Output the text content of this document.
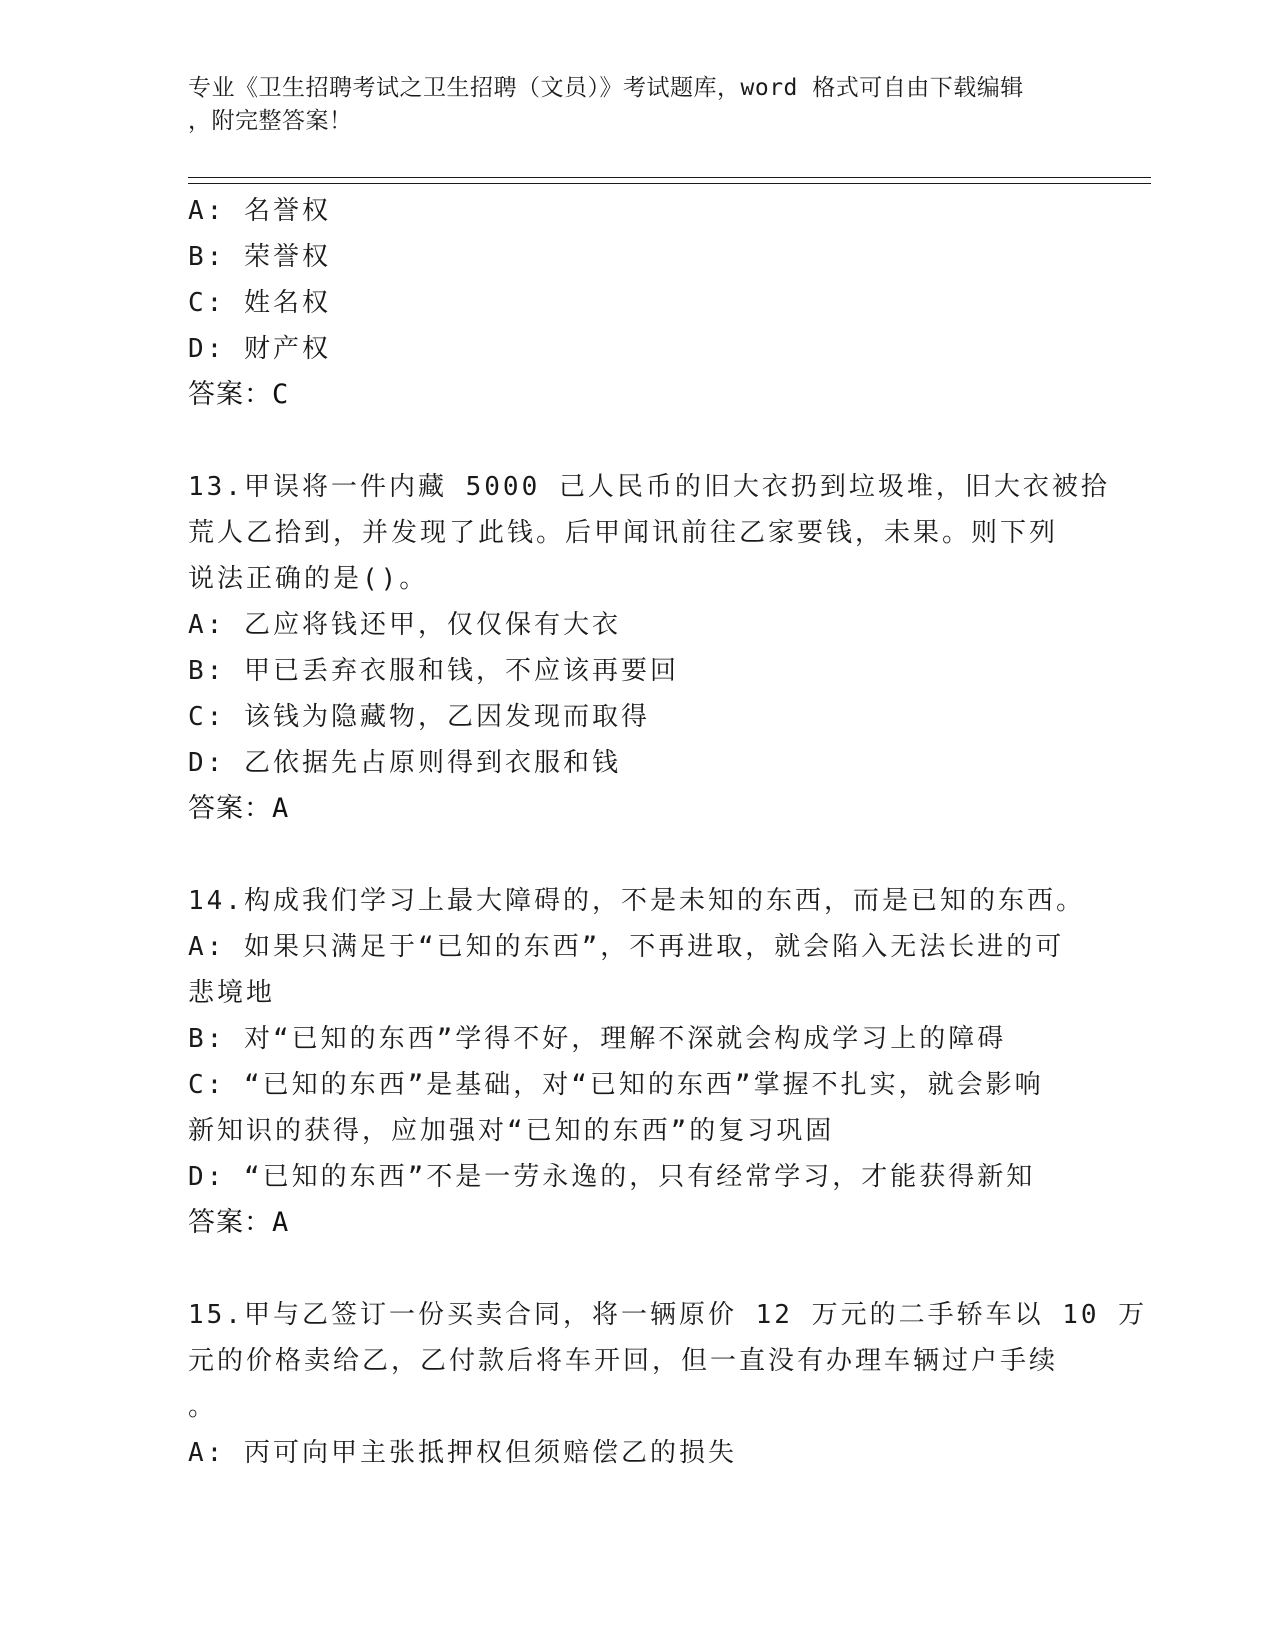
专业《卫生招聘考试之卫生招聘（文员）》考试题库，word 格式可自由下载编辑
，附完整答案！
A: 名誉权
B: 荣誉权
C: 姓名权
D: 财产权
答案：C
13.甲误将一件内藏 5000 己人民币的旧大衣扔到垃圾堆，旧大衣被拾
荒人乙拾到，并发现了此钱。后甲闻讯前往乙家要钱，未果。则下列
说法正确的是()。
A: 乙应将钱还甲，仅仅保有大衣
B: 甲已丢弃衣服和钱，不应该再要回
C: 该钱为隐藏物，乙因发现而取得
D: 乙依据先占原则得到衣服和钱
答案：A
14.构成我们学习上最大障碍的，不是未知的东西，而是已知的东西。
A: 如果只满足于“已知的东西”，不再进取，就会陷入无法长进的可
悲境地
B: 对“已知的东西”学得不好，理解不深就会构成学习上的障碍
C: “已知的东西”是基础，对“已知的东西”掌握不扎实，就会影响
新知识的获得，应加强对“已知的东西”的复习巩固
D: “已知的东西”不是一劳永逸的，只有经常学习，才能获得新知
答案：A
15.甲与乙签订一份买卖合同，将一辆原价 12 万元的二手轿车以 10 万
元的价格卖给乙，乙付款后将车开回，但一直没有办理车辆过户手续
。
A: 丙可向甲主张抵押权但须赔偿乙的损失
